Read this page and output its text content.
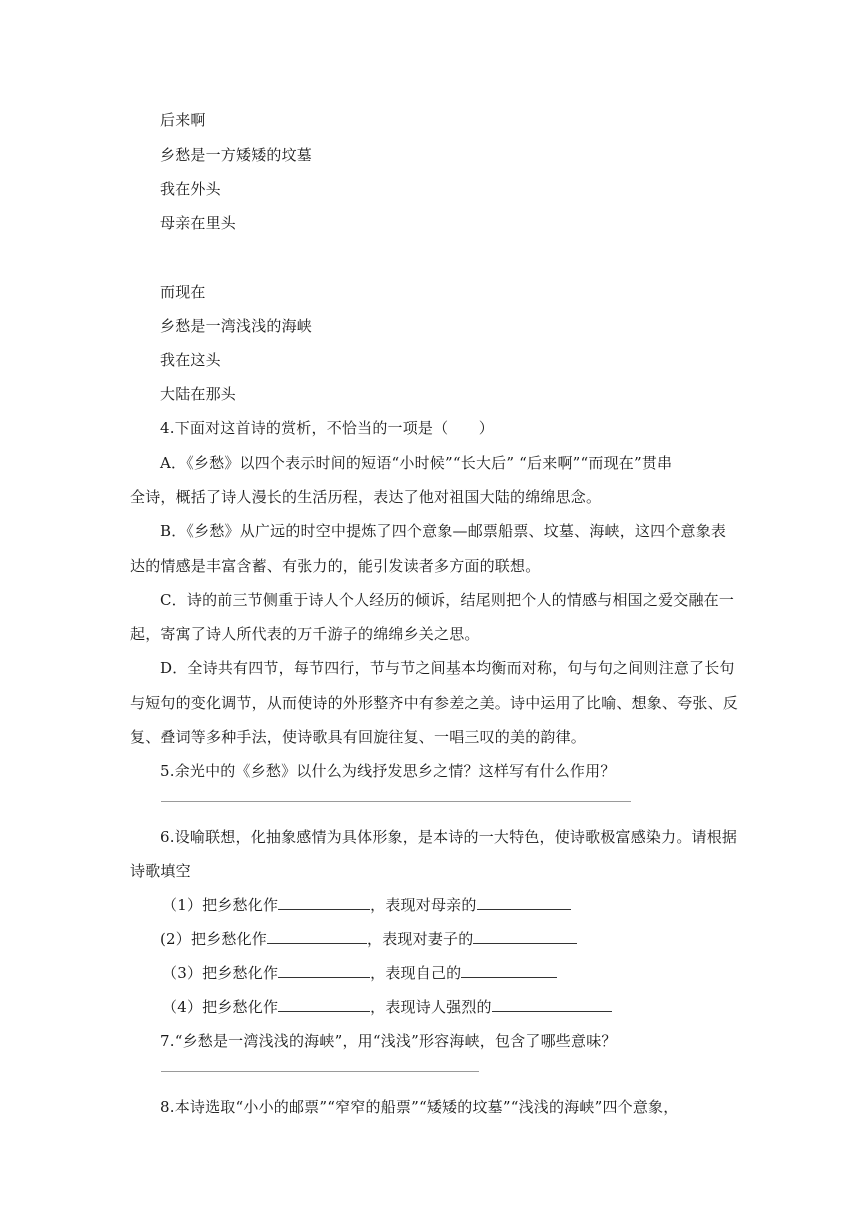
后来啊
乡愁是一方矮矮的坟墓
我在外头
母亲在里头
而现在
乡愁是一湾浅浅的海峡
我在这头
大陆在那头
4.下面对这首诗的赏析，不恰当的一项是（　　）
A．《乡愁》以四个表示时间的短语“小时候”“长大后” “后来啊”“而现在”贯串
全诗，概括了诗人漫长的生活历程，表达了他对祖国大陆的绵绵思念。
B．《乡愁》从广远的时空中提炼了四个意象—邮票船票、坟墓、海峡，这四个意象表
达的情感是丰富含蓄、有张力的，能引发读者多方面的联想。
C．诗的前三节侧重于诗人个人经历的倾诉，结尾则把个人的情感与相国之爱交融在一
起，寄寓了诗人所代表的万千游子的绵绵乡关之思。
D．全诗共有四节，每节四行，节与节之间基本均衡而对称，句与句之间则注意了长句
与短句的变化调节，从而使诗的外形整齐中有参差之美。诗中运用了比喻、想象、夸张、反
复、叠词等多种手法，使诗歌具有回旋往复、一唱三叹的美的韵律。
5.余光中的《乡愁》以什么为线抒发思乡之情？这样写有什么作用？
6.设喻联想，化抽象感情为具体形象，是本诗的一大特色，使诗歌极富感染力。请根据
诗歌填空
（1）把乡愁化作	，表现对母亲的
(2）把乡愁化作	，表现对妻子的
（3）把乡愁化作	，表现自己的
（4）把乡愁化作	，表现诗人强烈的
7.“乡愁是一湾浅浅的海峡”，用“浅浅”形容海峡，包含了哪些意味？
8.本诗选取“小小的邮票”“窄窄的船票”“矮矮的坟墓”“浅浅的海峡”四个意象，
